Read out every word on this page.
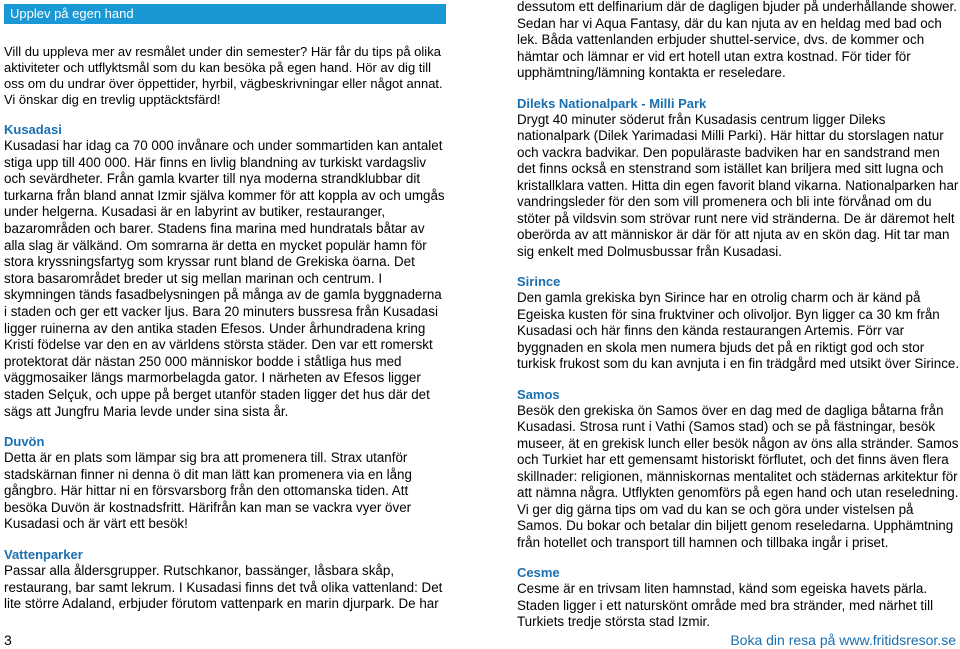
Upplev på egen hand

Vill du uppleva mer av resmålet under din semester? Här får du tips på olika aktiviteter och utflyktsmål som du kan besöka på egen hand. Hör av dig till oss om du undrar över öppettider, hyrbil, vägbeskrivningar eller något annat.

Vi önskar dig en trevlig upptäcktsfärd!

Kusadasi

Kusadasi har idag ca 70 000 invånare och under sommartiden kan antalet stiga upp till 400 000. Här finns en livlig blandning av turkiskt vardagsliv och sevärdheter. Från gamla kvarter till nya moderna strandklubbar dit turkarna från bland annat Izmir själva kommer för att koppla av och umgås under helgerna. Kusadasi är en labyrint av butiker, restauranger, bazarområden och barer. Stadens fina marina med hundratals båtar av alla slag är välkänd. Om somrarna är detta en mycket populär hamn för stora kryssningsfartyg som kryssar runt bland de Grekiska öarna. Det stora basarområdet breder ut sig mellan marinan och centrum. I skymningen tänds fasadbelysningen på många av de gamla byggnaderna i staden och ger ett vacker ljus. Bara 20 minuters bussresa från Kusadasi ligger ruinerna av den antika staden Efesos. Under århundradena kring Kristi födelse var den en av världens största städer. Den var ett romerskt protektorat där nästan 250 000 människor bodde i ståtliga hus med väggmosaiker längs marmorbelagda gator. I närheten av Efesos ligger staden Selçuk, och uppe på berget utanför staden ligger det hus där det sägs att Jungfru Maria levde under sina sista år.

Duvön

Detta är en plats som lämpar sig bra att promenera till. Strax utanför stadskärnan finner ni denna ö dit man lätt kan promenera via en lång gångbro. Här hittar ni en försvarsborg från den ottomanska tiden. Att besöka Duvön är kostnadsfritt. Härifrån kan man se vackra vyer över Kusadasi och är värt ett besök!

Vattenparker

Passar alla åldersgrupper. Rutschkanor, bassänger, låsbara skåp, restaurang, bar samt lekrum. I Kusadasi finns det två olika vattenland: Det lite större Adaland, erbjuder förutom vattenpark en marin djurpark. De har

dessutom ett delfinarium där de dagligen bjuder på underhållande shower. Sedan har vi Aqua Fantasy, där du kan njuta av en heldag med bad och lek. Båda vattenlanden erbjuder shuttel-service, dvs. de kommer och hämtar och lämnar er vid ert hotell utan extra kostnad. För tider för upphämtning/lämning kontakta er reseledare.

Dileks Nationalpark - Milli Park

Drygt 40 minuter söderut från Kusadasis centrum ligger Dileks nationalpark (Dilek Yarimadasi Milli Parki). Här hittar du storslagen natur och vackra badvikar. Den populäraste badviken har en sandstrand men det finns också en stenstrand som istället kan briljera med sitt lugna och kristallklara vatten. Hitta din egen favorit bland vikarna. Nationalparken har vandringsleder för den som vill promenera och bli inte förvånad om du stöter på vildsvin som strövar runt nere vid stränderna. De är däremot helt oberörda av att människor är där för att njuta av en skön dag. Hit tar man sig enkelt med Dolmusbussar från Kusadasi.

Sirince

Den gamla grekiska byn Sirince har en otrolig charm och är känd på Egeiska kusten för sina fruktviner och olivoljor. Byn ligger ca 30 km från Kusadasi och här finns den kända restaurangen Artemis. Förr var byggnaden en skola men numera bjuds det på en riktigt god och stor turkisk frukost som du kan avnjuta i en fin trädgård med utsikt över Sirince.

Samos

Besök den grekiska ön Samos över en dag med de dagliga båtarna från Kusadasi. Strosa runt i Vathi (Samos stad) och se på fästningar, besök museer, ät en grekisk lunch eller besök någon av öns alla stränder. Samos och Turkiet har ett gemensamt historiskt förflutet, och det finns även flera skillnader: religionen, människornas mentalitet och städernas arkitektur för att nämna några. Utflykten genomförs på egen hand och utan reseledning. Vi ger dig gärna tips om vad du kan se och göra under vistelsen på Samos. Du bokar och betalar din biljett genom reseledarna. Upphämtning från hotellet och transport till hamnen och tillbaka ingår i priset.

Cesme

Cesme är en trivsam liten hamnstad, känd som egeiska havets pärla. Staden ligger i ett naturskönt område med bra stränder, med närhet till Turkiets tredje största stad Izmir.

3	Boka din resa på www.fritidsresor.se
